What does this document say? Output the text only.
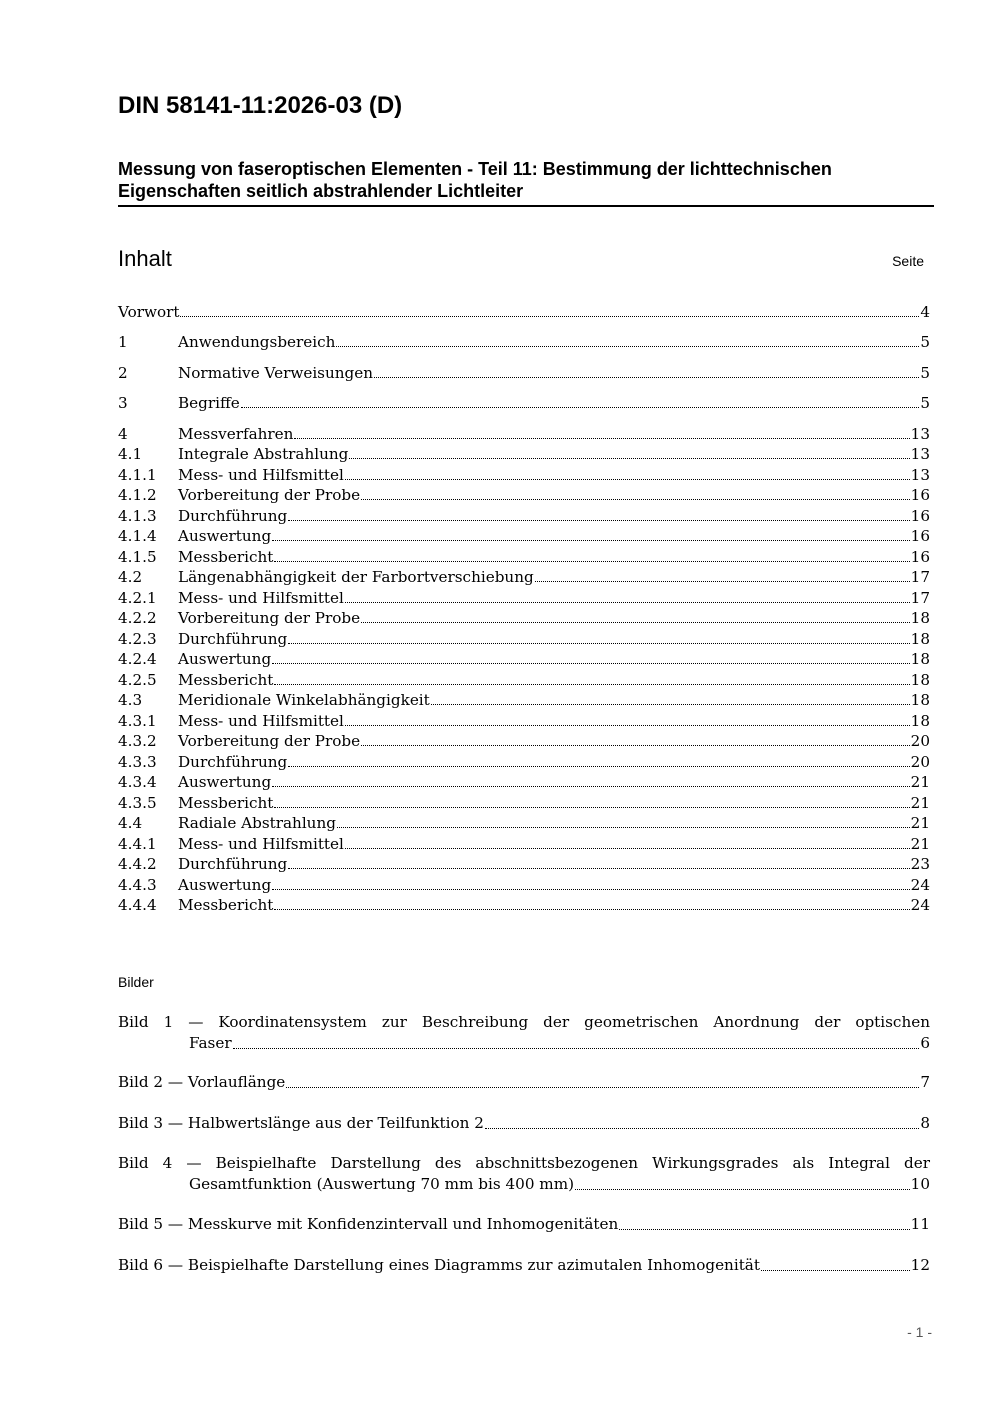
DIN 58141-11:2026-03 (D)
Messung von faseroptischen Elementen - Teil 11: Bestimmung der lichttechnischen Eigenschaften seitlich abstrahlender Lichtleiter
Inhalt	Seite
Vorwort	4
1	Anwendungsbereich	5
2	Normative Verweisungen	5
3	Begriffe	5
4	Messverfahren	13
4.1 Integrale Abstrahlung	13
4.1.1 Mess- und Hilfsmittel	13
4.1.2 Vorbereitung der Probe	16
4.1.3 Durchführung	16
4.1.4 Auswertung	16
4.1.5 Messbericht	16
4.2 Längenabhängigkeit der Farbortverschiebung	17
4.2.1 Mess- und Hilfsmittel	17
4.2.2 Vorbereitung der Probe	18
4.2.3 Durchführung	18
4.2.4 Auswertung	18
4.2.5 Messbericht	18
4.3 Meridionale Winkelabhängigkeit	18
4.3.1 Mess- und Hilfsmittel	18
4.3.2 Vorbereitung der Probe	20
4.3.3 Durchführung	20
4.3.4 Auswertung	21
4.3.5 Messbericht	21
4.4 Radiale Abstrahlung	21
4.4.1 Mess- und Hilfsmittel	21
4.4.2 Durchführung	23
4.4.3 Auswertung	24
4.4.4 Messbericht	24
Bilder
Bild 1 — Koordinatensystem zur Beschreibung der geometrischen Anordnung der optischen
Faser	6
Bild 2 — Vorlauflänge	7
Bild 3 — Halbwertslänge aus der Teilfunktion 2	8
Bild 4 — Beispielhafte Darstellung des abschnittsbezogenen Wirkungsgrades als Integral der
Gesamtfunktion (Auswertung 70 mm bis 400 mm)	10
Bild 5 — Messkurve mit Konfidenzintervall und Inhomogenitäten	11
Bild 6 — Beispielhafte Darstellung eines Diagramms zur azimutalen Inhomogenität	12
- 1 -
